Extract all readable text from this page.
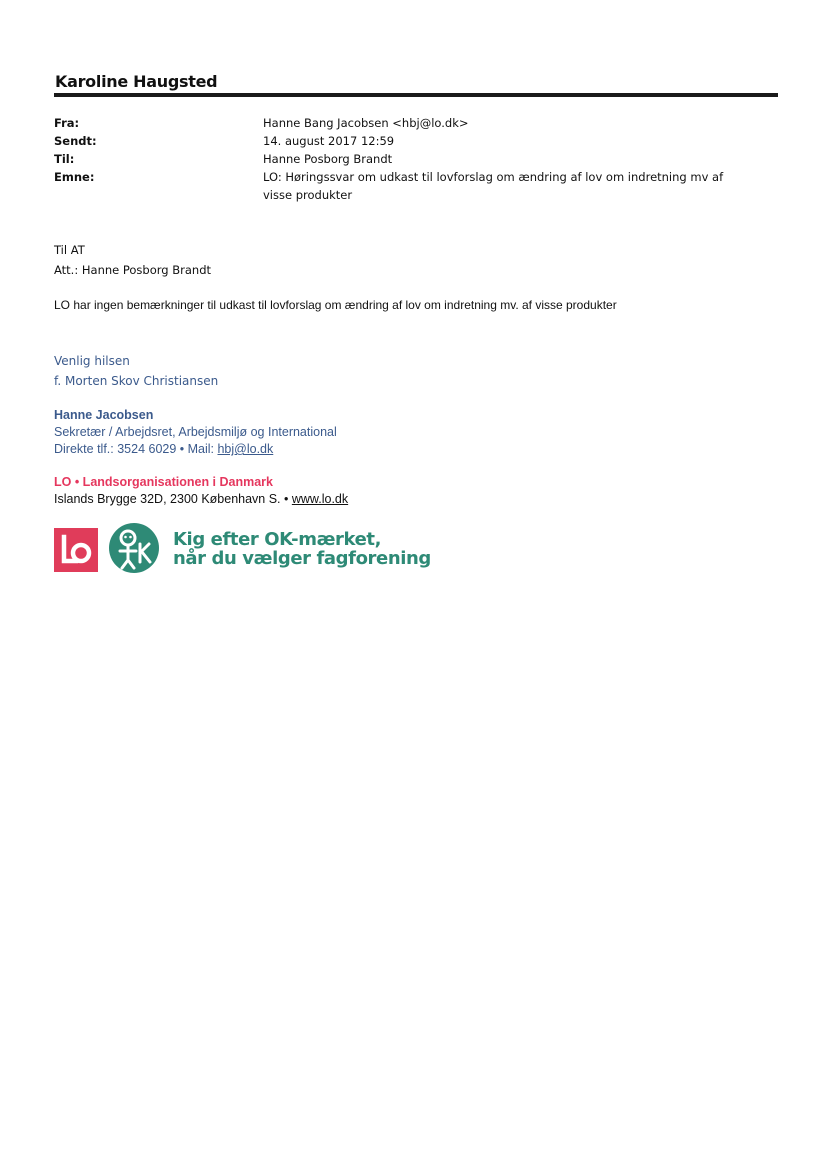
Karoline Haugsted
Fra:	Hanne Bang Jacobsen <hbj@lo.dk>
Sendt:	14. august 2017 12:59
Til:	Hanne Posborg Brandt
Emne:	LO: Høringssvar om udkast til lovforslag om ændring af lov om indretning mv af
visse produkter
Til AT
Att.: Hanne Posborg Brandt
LO har ingen bemærkninger til udkast til lovforslag om ændring af lov om indretning mv. af visse produkter
Venlig hilsen
f. Morten Skov Christiansen
Hanne Jacobsen
Sekretær / Arbejdsret, Arbejdsmiljø og International
Direkte tlf.: 3524 6029 • Mail: hbj@lo.dk
LO • Landsorganisationen i Danmark
Islands Brygge 32D, 2300 København S. • www.lo.dk
Kig efter OK-mærket,
når du vælger fagforening
